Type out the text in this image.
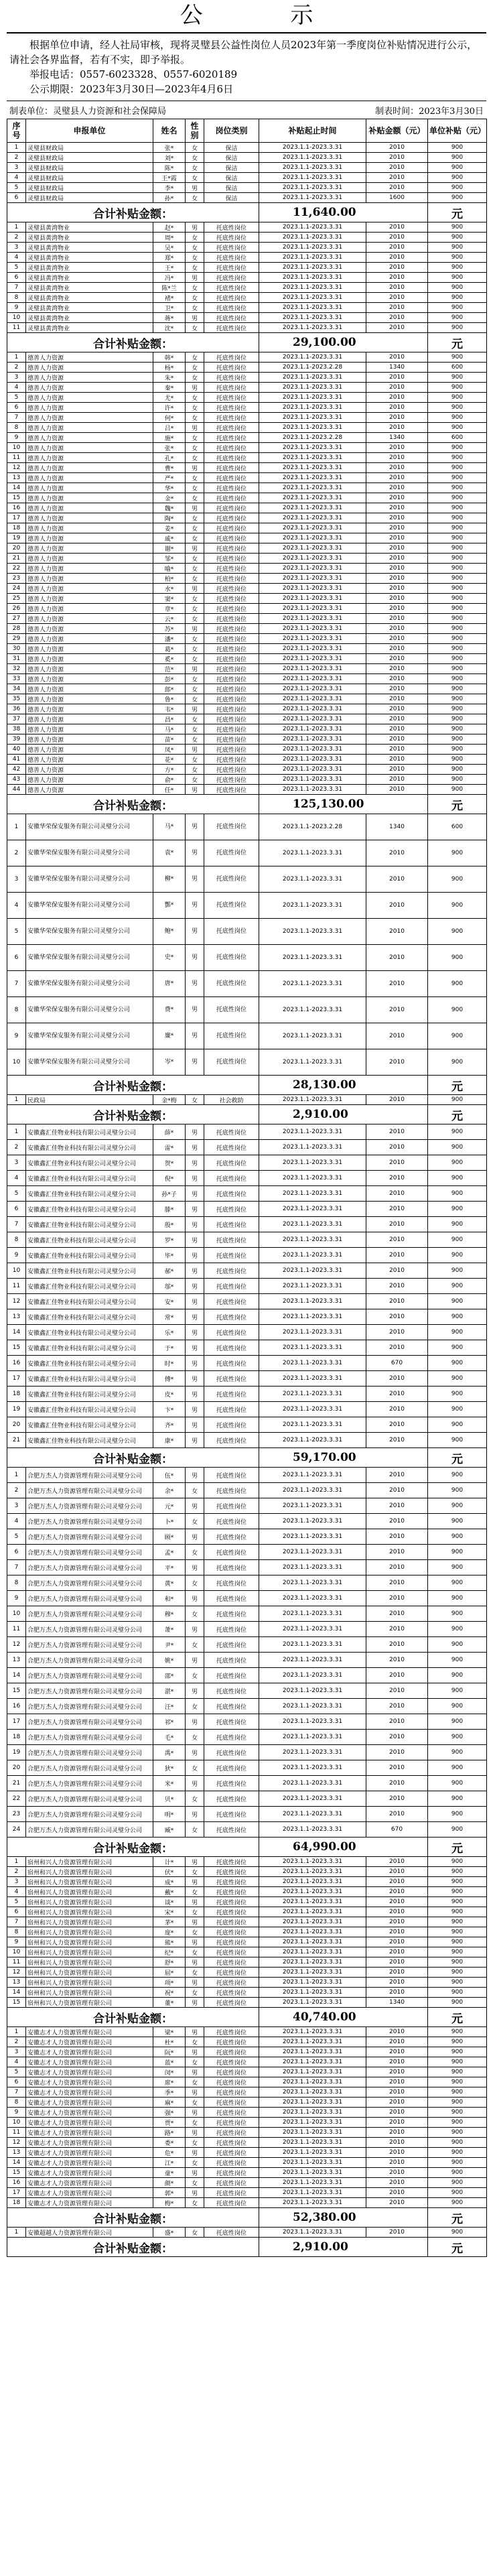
公 示

根据单位申请，经人社局审核，现将灵璧县公益性岗位人员2023年第一季度岗位补贴情况进行公示，请社会各界监督，若有不实，即予举报。

举报电话：0557-6023328、0557-6020189

公示期限：2023年3月30日—2023年4月6日

制表单位：灵璧县人力资源和社会保障局	制表时间：2023年3月30日
序号	申报单位	姓名	性别	岗位类别	补贴起止时间	补贴金额（元）	单位补贴（元）
1	灵璧县财政局	张*	女	保洁	2023.1.1-2023.3.31	2010	900
2	灵璧县财政局	刘*	女	保洁	2023.1.1-2023.3.31	2010	900
3	灵璧县财政局	陈*	女	保洁	2023.1.1-2023.3.31	2010	900
4	灵璧县财政局	王*霞	女	保洁	2023.1.1-2023.3.31	2010	900
5	灵璧县财政局	李*	男	保洁	2023.1.1-2023.3.31	2010	900
6	灵璧县财政局	孙*	女	保洁	2023.1.1-2023.3.31	1600	900
合计补贴金额：					11,640.00		元
1	灵璧县黄湾物业	赵*	男	托底性岗位	2023.1.1-2023.3.31	2010	900
2	灵璧县黄湾物业	周*	女	托底性岗位	2023.1.1-2023.3.31	2010	900
3	灵璧县黄湾物业	吴*	女	托底性岗位	2023.1.1-2023.3.31	2010	900
4	灵璧县黄湾物业	郑*	女	托底性岗位	2023.1.1-2023.3.31	2010	900
5	灵璧县黄湾物业	王*	女	托底性岗位	2023.1.1-2023.3.31	2010	900
6	灵璧县黄湾物业	冯*	男	托底性岗位	2023.1.1-2023.3.31	2010	900
7	灵璧县黄湾物业	陈*兰	女	托底性岗位	2023.1.1-2023.3.31	2010	900
8	灵璧县黄湾物业	褚*	女	托底性岗位	2023.1.1-2023.3.31	2010	900
9	灵璧县黄湾物业	卫*	女	托底性岗位	2023.1.1-2023.3.31	2010	900
10	灵璧县黄湾物业	蒋*	男	托底性岗位	2023.1.1-2023.3.31	2010	900
11	灵璧县黄湾物业	沈*	女	托底性岗位	2023.1.1-2023.3.31	2010	900
合计补贴金额：					29,100.00		元
1	德善人力资源	韩*	女	托底性岗位	2023.1.1-2023.3.31	2010	900
2	德善人力资源	杨*	女	托底性岗位	2023.1.1-2023.2.28	1340	600
3	德善人力资源	朱*	女	托底性岗位	2023.1.1-2023.3.31	2010	900
4	德善人力资源	秦*	男	托底性岗位	2023.1.1-2023.3.31	2010	900
5	德善人力资源	尤*	女	托底性岗位	2023.1.1-2023.3.31	2010	900
6	德善人力资源	许*	女	托底性岗位	2023.1.1-2023.3.31	2010	900
7	德善人力资源	何*	女	托底性岗位	2023.1.1-2023.3.31	2010	900
8	德善人力资源	吕*	男	托底性岗位	2023.1.1-2023.3.31	2010	900
9	德善人力资源	施*	女	托底性岗位	2023.1.1-2023.2.28	1340	600
10	德善人力资源	张*	女	托底性岗位	2023.1.1-2023.3.31	2010	900
11	德善人力资源	孔*	女	托底性岗位	2023.1.1-2023.3.31	2010	900
12	德善人力资源	曹*	男	托底性岗位	2023.1.1-2023.3.31	2010	900
13	德善人力资源	严*	女	托底性岗位	2023.1.1-2023.3.31	2010	900
14	德善人力资源	华*	女	托底性岗位	2023.1.1-2023.3.31	2010	900
15	德善人力资源	金*	女	托底性岗位	2023.1.1-2023.3.31	2010	900
16	德善人力资源	魏*	男	托底性岗位	2023.1.1-2023.3.31	2010	900
17	德善人力资源	陶*	女	托底性岗位	2023.1.1-2023.3.31	2010	900
18	德善人力资源	姜*	女	托底性岗位	2023.1.1-2023.3.31	2010	900
19	德善人力资源	戚*	女	托底性岗位	2023.1.1-2023.3.31	2010	900
20	德善人力资源	谢*	男	托底性岗位	2023.1.1-2023.3.31	2010	900
21	德善人力资源	邹*	女	托底性岗位	2023.1.1-2023.3.31	2010	900
22	德善人力资源	喻*	女	托底性岗位	2023.1.1-2023.3.31	2010	900
23	德善人力资源	柏*	女	托底性岗位	2023.1.1-2023.3.31	2010	900
24	德善人力资源	水*	男	托底性岗位	2023.1.1-2023.3.31	2010	900
25	德善人力资源	窦*	女	托底性岗位	2023.1.1-2023.3.31	2010	900
26	德善人力资源	章*	女	托底性岗位	2023.1.1-2023.3.31	2010	900
27	德善人力资源	云*	女	托底性岗位	2023.1.1-2023.3.31	2010	900
28	德善人力资源	苏*	男	托底性岗位	2023.1.1-2023.3.31	2010	900
29	德善人力资源	潘*	女	托底性岗位	2023.1.1-2023.3.31	2010	900
30	德善人力资源	葛*	女	托底性岗位	2023.1.1-2023.3.31	2010	900
31	德善人力资源	奚*	女	托底性岗位	2023.1.1-2023.3.31	2010	900
32	德善人力资源	范*	男	托底性岗位	2023.1.1-2023.3.31	2010	900
33	德善人力资源	彭*	女	托底性岗位	2023.1.1-2023.3.31	2010	900
34	德善人力资源	郎*	女	托底性岗位	2023.1.1-2023.3.31	2010	900
35	德善人力资源	鲁*	女	托底性岗位	2023.1.1-2023.3.31	2010	900
36	德善人力资源	韦*	男	托底性岗位	2023.1.1-2023.3.31	2010	900
37	德善人力资源	昌*	女	托底性岗位	2023.1.1-2023.3.31	2010	900
38	德善人力资源	马*	女	托底性岗位	2023.1.1-2023.3.31	2010	900
39	德善人力资源	苗*	女	托底性岗位	2023.1.1-2023.3.31	2010	900
40	德善人力资源	凤*	男	托底性岗位	2023.1.1-2023.3.31	2010	900
41	德善人力资源	花*	女	托底性岗位	2023.1.1-2023.3.31	2010	900
42	德善人力资源	方*	女	托底性岗位	2023.1.1-2023.3.31	2010	900
43	德善人力资源	俞*	女	托底性岗位	2023.1.1-2023.3.31	2010	900
44	德善人力资源	任*	男	托底性岗位	2023.1.1-2023.3.31	2010	900
合计补贴金额：					125,130.00		元
1	安徽华荣保安服务有限公司灵璧分公司	马*	男	托底性岗位	2023.1.1-2023.2.28	1340	600
2	安徽华荣保安服务有限公司灵璧分公司	袁*	男	托底性岗位	2023.1.1-2023.3.31	2010	900
3	安徽华荣保安服务有限公司灵璧分公司	柳*	男	托底性岗位	2023.1.1-2023.3.31	2010	900
4	安徽华荣保安服务有限公司灵璧分公司	酆*	男	托底性岗位	2023.1.1-2023.3.31	2010	900
5	安徽华荣保安服务有限公司灵璧分公司	鲍*	男	托底性岗位	2023.1.1-2023.3.31	2010	900
6	安徽华荣保安服务有限公司灵璧分公司	史*	男	托底性岗位	2023.1.1-2023.3.31	2010	900
7	安徽华荣保安服务有限公司灵璧分公司	唐*	男	托底性岗位	2023.1.1-2023.3.31	2010	900
8	安徽华荣保安服务有限公司灵璧分公司	费*	男	托底性岗位	2023.1.1-2023.3.31	2010	900
9	安徽华荣保安服务有限公司灵璧分公司	廉*	男	托底性岗位	2023.1.1-2023.3.31	2010	900
10	安徽华荣保安服务有限公司灵璧分公司	岑*	男	托底性岗位	2023.1.1-2023.3.31	2010	900
合计补贴金额：					28,130.00		元
1	民政局	金*梅	女	社会救助	2023.1.1-2023.3.31	2010	900
合计补贴金额：					2,910.00		元
1	安徽鑫汇佳物业科技有限公司灵璧分公司	薛*	男	托底性岗位	2023.1.1-2023.3.31	2010	900
2	安徽鑫汇佳物业科技有限公司灵璧分公司	雷*	男	托底性岗位	2023.1.1-2023.3.31	2010	900
3	安徽鑫汇佳物业科技有限公司灵璧分公司	贺*	男	托底性岗位	2023.1.1-2023.3.31	2010	900
4	安徽鑫汇佳物业科技有限公司灵璧分公司	倪*	男	托底性岗位	2023.1.1-2023.3.31	2010	900
5	安徽鑫汇佳物业科技有限公司灵璧分公司	孙*子	男	托底性岗位	2023.1.1-2023.3.31	2010	900
6	安徽鑫汇佳物业科技有限公司灵璧分公司	滕*	男	托底性岗位	2023.1.1-2023.3.31	2010	900
7	安徽鑫汇佳物业科技有限公司灵璧分公司	殷*	男	托底性岗位	2023.1.1-2023.3.31	2010	900
8	安徽鑫汇佳物业科技有限公司灵璧分公司	罗*	男	托底性岗位	2023.1.1-2023.3.31	2010	900
9	安徽鑫汇佳物业科技有限公司灵璧分公司	毕*	男	托底性岗位	2023.1.1-2023.3.31	2010	900
10	安徽鑫汇佳物业科技有限公司灵璧分公司	郝*	男	托底性岗位	2023.1.1-2023.3.31	2010	900
11	安徽鑫汇佳物业科技有限公司灵璧分公司	邬*	男	托底性岗位	2023.1.1-2023.3.31	2010	900
12	安徽鑫汇佳物业科技有限公司灵璧分公司	安*	男	托底性岗位	2023.1.1-2023.3.31	2010	900
13	安徽鑫汇佳物业科技有限公司灵璧分公司	常*	男	托底性岗位	2023.1.1-2023.3.31	2010	900
14	安徽鑫汇佳物业科技有限公司灵璧分公司	乐*	男	托底性岗位	2023.1.1-2023.3.31	2010	900
15	安徽鑫汇佳物业科技有限公司灵璧分公司	于*	男	托底性岗位	2023.1.1-2023.3.31	2010	900
16	安徽鑫汇佳物业科技有限公司灵璧分公司	时*	男	托底性岗位	2023.1.1-2023.3.31	670	900
17	安徽鑫汇佳物业科技有限公司灵璧分公司	傅*	男	托底性岗位	2023.1.1-2023.3.31	2010	900
18	安徽鑫汇佳物业科技有限公司灵璧分公司	皮*	男	托底性岗位	2023.1.1-2023.3.31	2010	900
19	安徽鑫汇佳物业科技有限公司灵璧分公司	卞*	男	托底性岗位	2023.1.1-2023.3.31	2010	900
20	安徽鑫汇佳物业科技有限公司灵璧分公司	齐*	男	托底性岗位	2023.1.1-2023.3.31	2010	900
21	安徽鑫汇佳物业科技有限公司灵璧分公司	康*	男	托底性岗位	2023.1.1-2023.3.31	2010	900
合计补贴金额：					59,170.00		元
1	合肥万杰人力资源管理有限公司灵璧分公司	伍*	男	托底性岗位	2023.1.1-2023.3.31	2010	900
2	合肥万杰人力资源管理有限公司灵璧分公司	余*	女	托底性岗位	2023.1.1-2023.3.31	2010	900
3	合肥万杰人力资源管理有限公司灵璧分公司	元*	男	托底性岗位	2023.1.1-2023.3.31	2010	900
4	合肥万杰人力资源管理有限公司灵璧分公司	卜*	女	托底性岗位	2023.1.1-2023.3.31	2010	900
5	合肥万杰人力资源管理有限公司灵璧分公司	顾*	男	托底性岗位	2023.1.1-2023.3.31	2010	900
6	合肥万杰人力资源管理有限公司灵璧分公司	孟*	女	托底性岗位	2023.1.1-2023.3.31	2010	900
7	合肥万杰人力资源管理有限公司灵璧分公司	平*	男	托底性岗位	2023.1.1-2023.3.31	2010	900
8	合肥万杰人力资源管理有限公司灵璧分公司	黄*	女	托底性岗位	2023.1.1-2023.3.31	2010	900
9	合肥万杰人力资源管理有限公司灵璧分公司	和*	男	托底性岗位	2023.1.1-2023.3.31	2010	900
10	合肥万杰人力资源管理有限公司灵璧分公司	穆*	女	托底性岗位	2023.1.1-2023.3.31	2010	900
11	合肥万杰人力资源管理有限公司灵璧分公司	萧*	男	托底性岗位	2023.1.1-2023.3.31	2010	900
12	合肥万杰人力资源管理有限公司灵璧分公司	尹*	女	托底性岗位	2023.1.1-2023.3.31	2010	900
13	合肥万杰人力资源管理有限公司灵璧分公司	姚*	男	托底性岗位	2023.1.1-2023.3.31	2010	900
14	合肥万杰人力资源管理有限公司灵璧分公司	邵*	女	托底性岗位	2023.1.1-2023.3.31	2010	900
15	合肥万杰人力资源管理有限公司灵璧分公司	湛*	男	托底性岗位	2023.1.1-2023.3.31	2010	900
16	合肥万杰人力资源管理有限公司灵璧分公司	汪*	女	托底性岗位	2023.1.1-2023.3.31	2010	900
17	合肥万杰人力资源管理有限公司灵璧分公司	祁*	男	托底性岗位	2023.1.1-2023.3.31	2010	900
18	合肥万杰人力资源管理有限公司灵璧分公司	毛*	女	托底性岗位	2023.1.1-2023.3.31	2010	900
19	合肥万杰人力资源管理有限公司灵璧分公司	禹*	男	托底性岗位	2023.1.1-2023.3.31	2010	900
20	合肥万杰人力资源管理有限公司灵璧分公司	狄*	女	托底性岗位	2023.1.1-2023.3.31	2010	900
21	合肥万杰人力资源管理有限公司灵璧分公司	米*	男	托底性岗位	2023.1.1-2023.3.31	2010	900
22	合肥万杰人力资源管理有限公司灵璧分公司	贝*	女	托底性岗位	2023.1.1-2023.3.31	2010	900
23	合肥万杰人力资源管理有限公司灵璧分公司	明*	男	托底性岗位	2023.1.1-2023.3.31	2010	900
24	合肥万杰人力资源管理有限公司灵璧分公司	臧*	女	托底性岗位	2023.1.1-2023.3.31	670	900
合计补贴金额：					64,990.00		元
1	宿州和兴人力资源管理有限公司	计*	男	托底性岗位	2023.1.1-2023.3.31	2010	900
2	宿州和兴人力资源管理有限公司	伏*	女	托底性岗位	2023.1.1-2023.3.31	2010	900
3	宿州和兴人力资源管理有限公司	成*	男	托底性岗位	2023.1.1-2023.3.31	2010	900
4	宿州和兴人力资源管理有限公司	戴*	女	托底性岗位	2023.1.1-2023.3.31	2010	900
5	宿州和兴人力资源管理有限公司	谈*	男	托底性岗位	2023.1.1-2023.3.31	2010	900
6	宿州和兴人力资源管理有限公司	宋*	女	托底性岗位	2023.1.1-2023.3.31	2010	900
7	宿州和兴人力资源管理有限公司	茅*	男	托底性岗位	2023.1.1-2023.3.31	2010	900
8	宿州和兴人力资源管理有限公司	庞*	女	托底性岗位	2023.1.1-2023.3.31	2010	900
9	宿州和兴人力资源管理有限公司	熊*	男	托底性岗位	2023.1.1-2023.3.31	2010	900
10	宿州和兴人力资源管理有限公司	纪*	女	托底性岗位	2023.1.1-2023.3.31	2010	900
11	宿州和兴人力资源管理有限公司	舒*	男	托底性岗位	2023.1.1-2023.3.31	2010	900
12	宿州和兴人力资源管理有限公司	屈*	女	托底性岗位	2023.1.1-2023.3.31	2010	900
13	宿州和兴人力资源管理有限公司	项*	男	托底性岗位	2023.1.1-2023.3.31	2010	900
14	宿州和兴人力资源管理有限公司	祝*	女	托底性岗位	2023.1.1-2023.3.31	2010	900
15	宿州和兴人力资源管理有限公司	董*	男	托底性岗位	2023.1.1-2023.3.31	1340	900
合计补贴金额：					40,740.00		元
1	安徽志才人力资源管理有限公司	梁*	男	托底性岗位	2023.1.1-2023.3.31	2010	900
2	安徽志才人力资源管理有限公司	杜*	女	托底性岗位	2023.1.1-2023.3.31	2010	900
3	安徽志才人力资源管理有限公司	阮*	男	托底性岗位	2023.1.1-2023.3.31	2010	900
4	安徽志才人力资源管理有限公司	蓝*	女	托底性岗位	2023.1.1-2023.3.31	2010	900
5	安徽志才人力资源管理有限公司	闵*	男	托底性岗位	2023.1.1-2023.3.31	2010	900
6	安徽志才人力资源管理有限公司	席*	女	托底性岗位	2023.1.1-2023.3.31	2010	900
7	安徽志才人力资源管理有限公司	季*	男	托底性岗位	2023.1.1-2023.3.31	2010	900
8	安徽志才人力资源管理有限公司	麻*	女	托底性岗位	2023.1.1-2023.3.31	2010	900
9	安徽志才人力资源管理有限公司	强*	男	托底性岗位	2023.1.1-2023.3.31	2010	900
10	安徽志才人力资源管理有限公司	贾*	女	托底性岗位	2023.1.1-2023.3.31	2010	900
11	安徽志才人力资源管理有限公司	路*	男	托底性岗位	2023.1.1-2023.3.31	2010	900
12	安徽志才人力资源管理有限公司	娄*	女	托底性岗位	2023.1.1-2023.3.31	2010	900
13	安徽志才人力资源管理有限公司	危*	男	托底性岗位	2023.1.1-2023.3.31	2010	900
14	安徽志才人力资源管理有限公司	江*	女	托底性岗位	2023.1.1-2023.3.31	2010	900
15	安徽志才人力资源管理有限公司	童*	男	托底性岗位	2023.1.1-2023.3.31	2010	900
16	安徽志才人力资源管理有限公司	颜*	女	托底性岗位	2023.1.1-2023.3.31	2010	900
17	安徽志才人力资源管理有限公司	郭*	男	托底性岗位	2023.1.1-2023.3.31	2010	900
18	安徽志才人力资源管理有限公司	梅*	女	托底性岗位	2023.1.1-2023.3.31	2010	900
合计补贴金额：					52,380.00		元
1	安徽超越人力资源管理有限公司	盛*	女	托底性岗位	2023.1.1-2023.3.31	2010	900
合计补贴金额：					2,910.00		元
